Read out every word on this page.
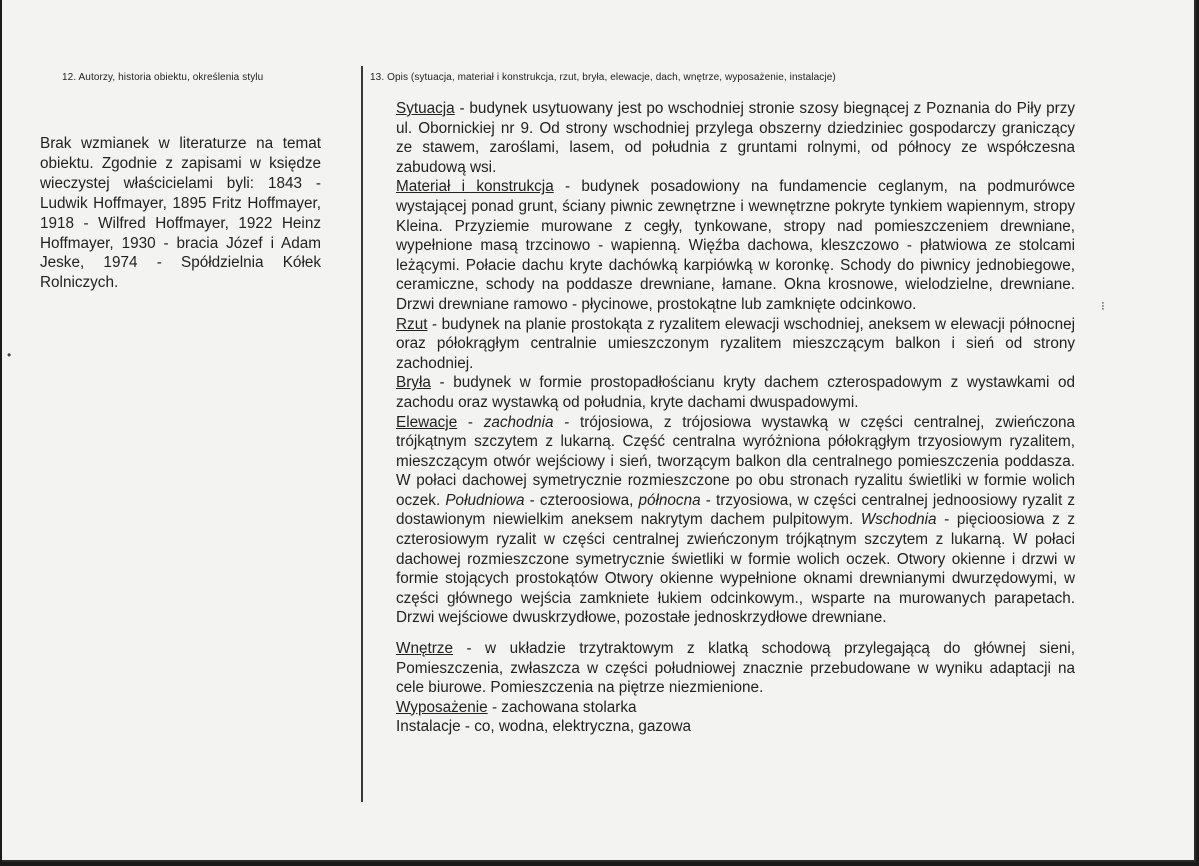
12. Autorzy, historia obiektu, określenia stylu	13. Opis (sytuacja, materiał i konstrukcja, rzut, bryła, elewacje, dach, wnętrze, wyposażenie, instalacje)
Brak wzmianek w literaturze na temat obiektu. Zgodnie z zapisami w księdze wieczystej właścicielami byli: 1843 - Ludwik Hoffmayer, 1895 Fritz Hoffmayer, 1918 - Wilfred Hoffmayer, 1922 Heinz Hoffmayer, 1930 - bracia Józef i Adam Jeske, 1974 - Spółdzielnia Kółek Rolniczych.

Sytuacja - budynek usytuowany jest po wschodniej stronie szosy biegnącej z Poznania do Piły przy ul. Obornickiej nr 9. Od strony wschodniej przylega obszerny dziedziniec gospodarczy graniczący ze stawem, zaroślami, lasem, od południa z gruntami rolnymi, od północy ze współczesna zabudową wsi.

Materiał i konstrukcja - budynek posadowiony na fundamencie ceglanym, na podmurówce wystającej ponad grunt, ściany piwnic zewnętrzne i wewnętrzne pokryte tynkiem wapiennym, stropy Kleina. Przyziemie murowane z cegły, tynkowane, stropy nad pomieszczeniem drewniane, wypełnione masą trzcinowo - wapienną. Więźba dachowa, kleszczowo - płatwiowa ze stolcami leżącymi. Połacie dachu kryte dachówką karpiówką w koronkę. Schody do piwnicy jednobiegowe, ceramiczne, schody na poddasze drewniane, łamane. Okna krosnowe, wielodzielne, drewniane. Drzwi drewniane ramowo - płycinowe, prostokątne lub zamknięte odcinkowo.

Rzut - budynek na planie prostokąta z ryzalitem elewacji wschodniej, aneksem w elewacji północnej oraz półokrągłym centralnie umieszczonym ryzalitem mieszczącym balkon i sień od strony zachodniej.

Bryła - budynek w formie prostopadłościanu kryty dachem czterospadowym z wystawkami od zachodu oraz wystawką od południa, kryte dachami dwuspadowymi.

Elewacje - zachodnia - trójosiowa, z trójosiowa wystawką w części centralnej, zwieńczona trójkątnym szczytem z lukarną. Część centralna wyróżniona półokrągłym trzyosiowym ryzalitem, mieszczącym otwór wejściowy i sień, tworzącym balkon dla centralnego pomieszczenia poddasza. W połaci dachowej symetrycznie rozmieszczone po obu stronach ryzalitu świetliki w formie wolich oczek. Południowa - czteroosiowa, północna - trzyosiowa, w części centralnej jednoosiowy ryzalit z dostawionym niewielkim aneksem nakrytym dachem pulpitowym. Wschodnia - pięcioosiowa z z czterosiowym ryzalit w części centralnej zwieńczonym trójkątnym szczytem z lukarną. W połaci dachowej rozmieszczone symetrycznie świetliki w formie wolich oczek. Otwory okienne i drzwi w formie stojących prostokątów Otwory okienne wypełnione oknami drewnianymi dwurzędowymi, w części głównego wejścia zamkniete łukiem odcinkowym., wsparte na murowanych parapetach. Drzwi wejściowe dwuskrzydłowe, pozostałe jednoskrzydłowe drewniane.

Wnętrze - w układzie trzytraktowym z klatką schodową przylegającą do głównej sieni, Pomieszczenia, zwłaszcza w części południowej znacznie przebudowane w wyniku adaptacji na cele biurowe. Pomieszczenia na piętrze niezmienione.

Wyposażenie - zachowana stolarka

Instalacje - co, wodna, elektryczna, gazowa

•
⁝
